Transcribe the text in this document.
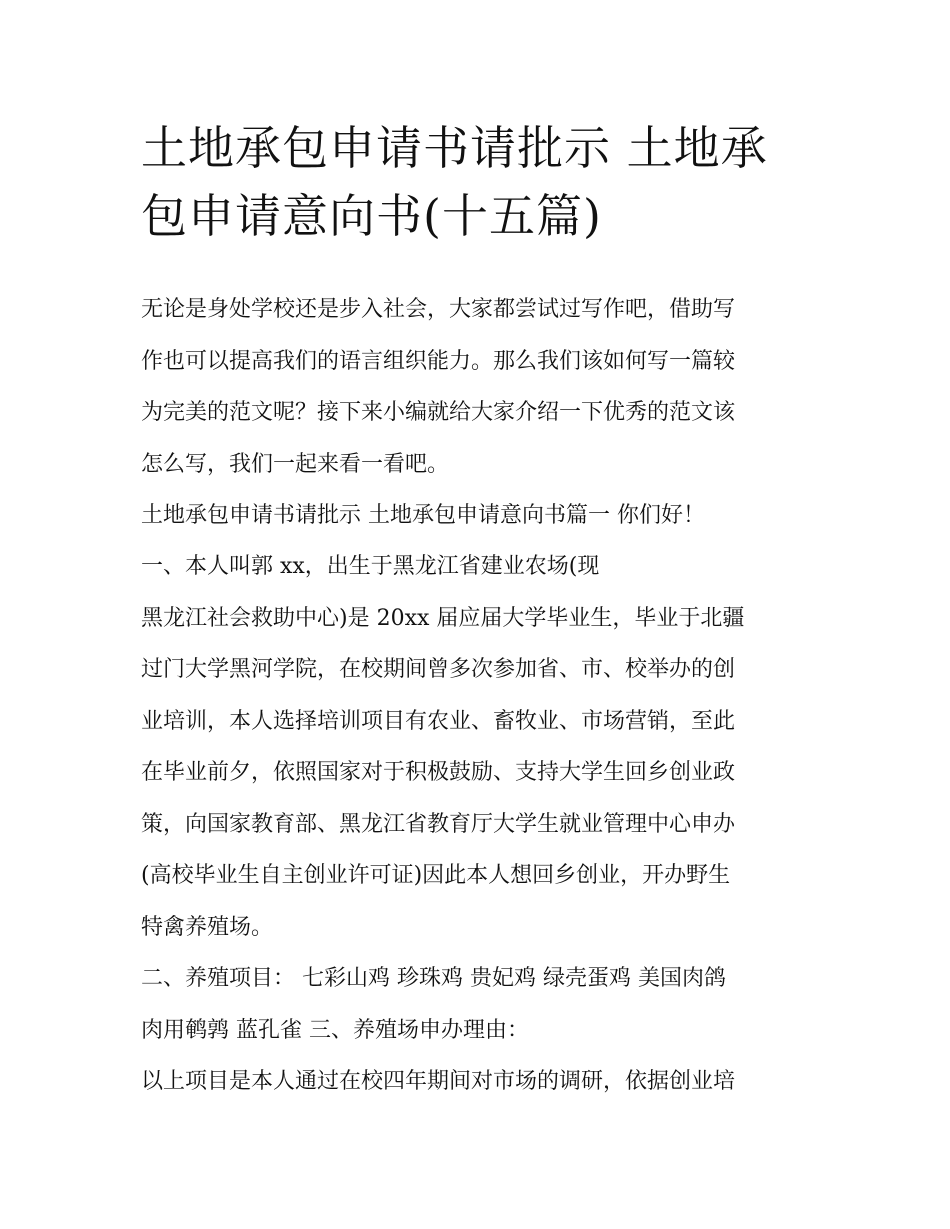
土地承包申请书请批示 土地承
包申请意向书(十五篇)

无论是身处学校还是步入社会，大家都尝试过写作吧，借助写
作也可以提高我们的语言组织能力。那么我们该如何写一篇较
为完美的范文呢？接下来小编就给大家介绍一下优秀的范文该
怎么写，我们一起来看一看吧。

土地承包申请书请批示 土地承包申请意向书篇一 你们好！

一、本人叫郭 xx，出生于黑龙江省建业农场(现
黑龙江社会救助中心)是 20xx 届应届大学毕业生，毕业于北疆
过门大学黑河学院，在校期间曾多次参加省、市、校举办的创
业培训，本人选择培训项目有农业、畜牧业、市场营销，至此
在毕业前夕，依照国家对于积极鼓励、支持大学生回乡创业政
策，向国家教育部、黑龙江省教育厅大学生就业管理中心申办
(高校毕业生自主创业许可证)因此本人想回乡创业，开办野生
特禽养殖场。

二、养殖项目： 七彩山鸡 珍珠鸡 贵妃鸡 绿壳蛋鸡 美国肉鸽
肉用鹌鹑 蓝孔雀 三、养殖场申办理由：

以上项目是本人通过在校四年期间对市场的调研，依据创业培
